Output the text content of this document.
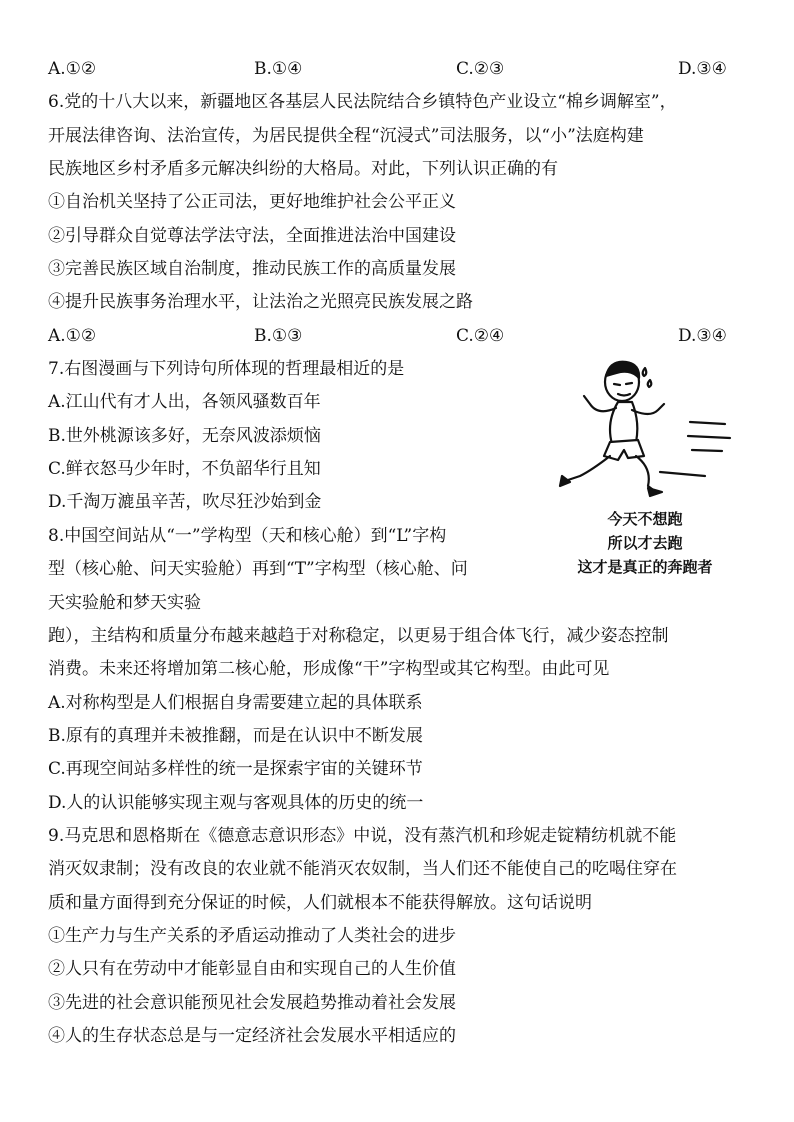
A.①②	B.①④	C.②③	D.③④
6.党的十八大以来，新疆地区各基层人民法院结合乡镇特色产业设立“棉乡调解室”，
开展法律咨询、法治宣传，为居民提供全程“沉浸式”司法服务，以“小”法庭构建
民族地区乡村矛盾多元解决纠纷的大格局。对此，下列认识正确的有
①自治机关坚持了公正司法，更好地维护社会公平正义
②引导群众自觉尊法学法守法，全面推进法治中国建设
③完善民族区域自治制度，推动民族工作的高质量发展
④提升民族事务治理水平，让法治之光照亮民族发展之路
A.①②	B.①③	C.②④	D.③④
7.右图漫画与下列诗句所体现的哲理最相近的是
A.江山代有才人出，各领风骚数百年
B.世外桃源该多好，无奈风波添烦恼
C.鲜衣怒马少年时，不负韶华行且知
D.千淘万漉虽辛苦，吹尽狂沙始到金
今天不想跑
所以才去跑
这才是真正的奔跑者
8.中国空间站从“一”学构型（天和核心舱）到“L”字构
型（核心舱、问天实验舱）再到“T”字构型（核心舱、问
天实验舱和梦天实验
跑），主结构和质量分布越来越趋于对称稳定，以更易于组合体飞行，减少姿态控制
消费。未来还将增加第二核心舱，形成像“干”字构型或其它构型。由此可见
A.对称构型是人们根据自身需要建立起的具体联系
B.原有的真理并未被推翻，而是在认识中不断发展
C.再现空间站多样性的统一是探索宇宙的关键环节
D.人的认识能够实现主观与客观具体的历史的统一
9.马克思和恩格斯在《德意志意识形态》中说，没有蒸汽机和珍妮走锭精纺机就不能
消灭奴隶制；没有改良的农业就不能消灭农奴制，当人们还不能使自己的吃喝住穿在
质和量方面得到充分保证的时候，人们就根本不能获得解放。这句话说明
①生产力与生产关系的矛盾运动推动了人类社会的进步
②人只有在劳动中才能彰显自由和实现自己的人生价值
③先进的社会意识能预见社会发展趋势推动着社会发展
④人的生存状态总是与一定经济社会发展水平相适应的
